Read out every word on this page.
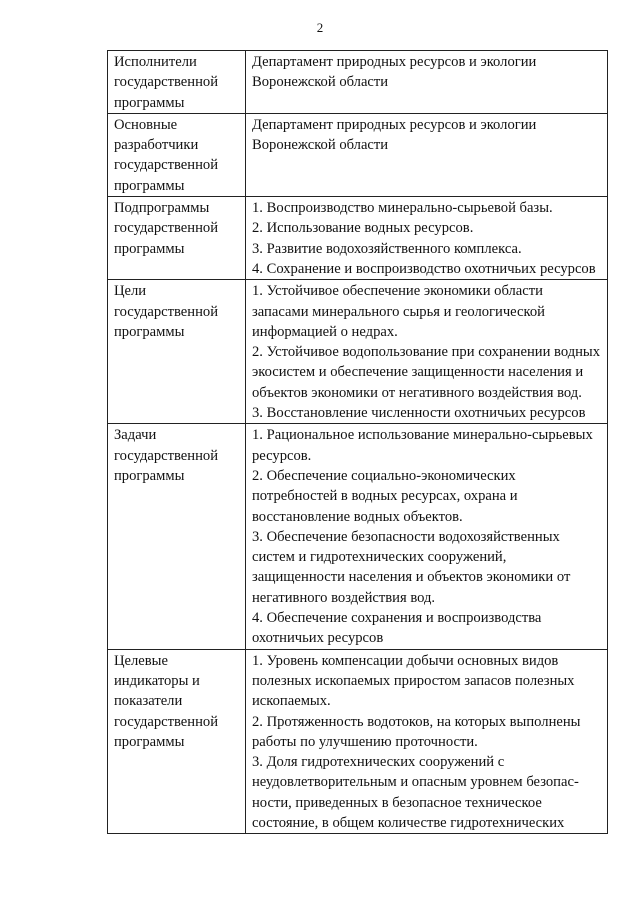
2
Исполнители государственной программы	Департамент природных ресурсов и экологии Воронежской области

Основные разработчики государственной программы	Департамент природных ресурсов и экологии Воронежской области

Подпрограммы государственной программы	1. Воспроизводство минерально-сырьевой базы.
2. Использование водных ресурсов.
3. Развитие водохозяйственного комплекса.
4. Сохранение и воспроизводство охотничьих ресурсов

Цели государственной программы	1. Устойчивое обеспечение экономики области запасами минерального сырья и геологической информацией о недрах.
2. Устойчивое водопользование при сохранении водных экосистем и обеспечение защищенности населения и объектов экономики от негативного воздействия вод.
3. Восстановление численности охотничьих ресурсов

Задачи государственной программы	1. Рациональное использование минерально-сырьевых ресурсов.
2. Обеспечение социально-экономических потребностей в водных ресурсах, охрана и восстановление водных объектов.
3. Обеспечение безопасности водохозяйственных систем и гидротехнических сооружений, защищенности населения и объектов экономики от негативного воздействия вод.
4. Обеспечение сохранения и воспроизводства охотничьих ресурсов

Целевые индикаторы и показатели государственной программы	1. Уровень компенсации добычи основных видов полезных ископаемых приростом запасов полезных ископаемых.
2. Протяженность водотоков, на которых выполнены работы по улучшению проточности.
3. Доля гидротехнических сооружений с неудовлетворительным и опасным уровнем безопас- ности, приведенных в безопасное техническое состояние, в общем количестве гидротехнических
